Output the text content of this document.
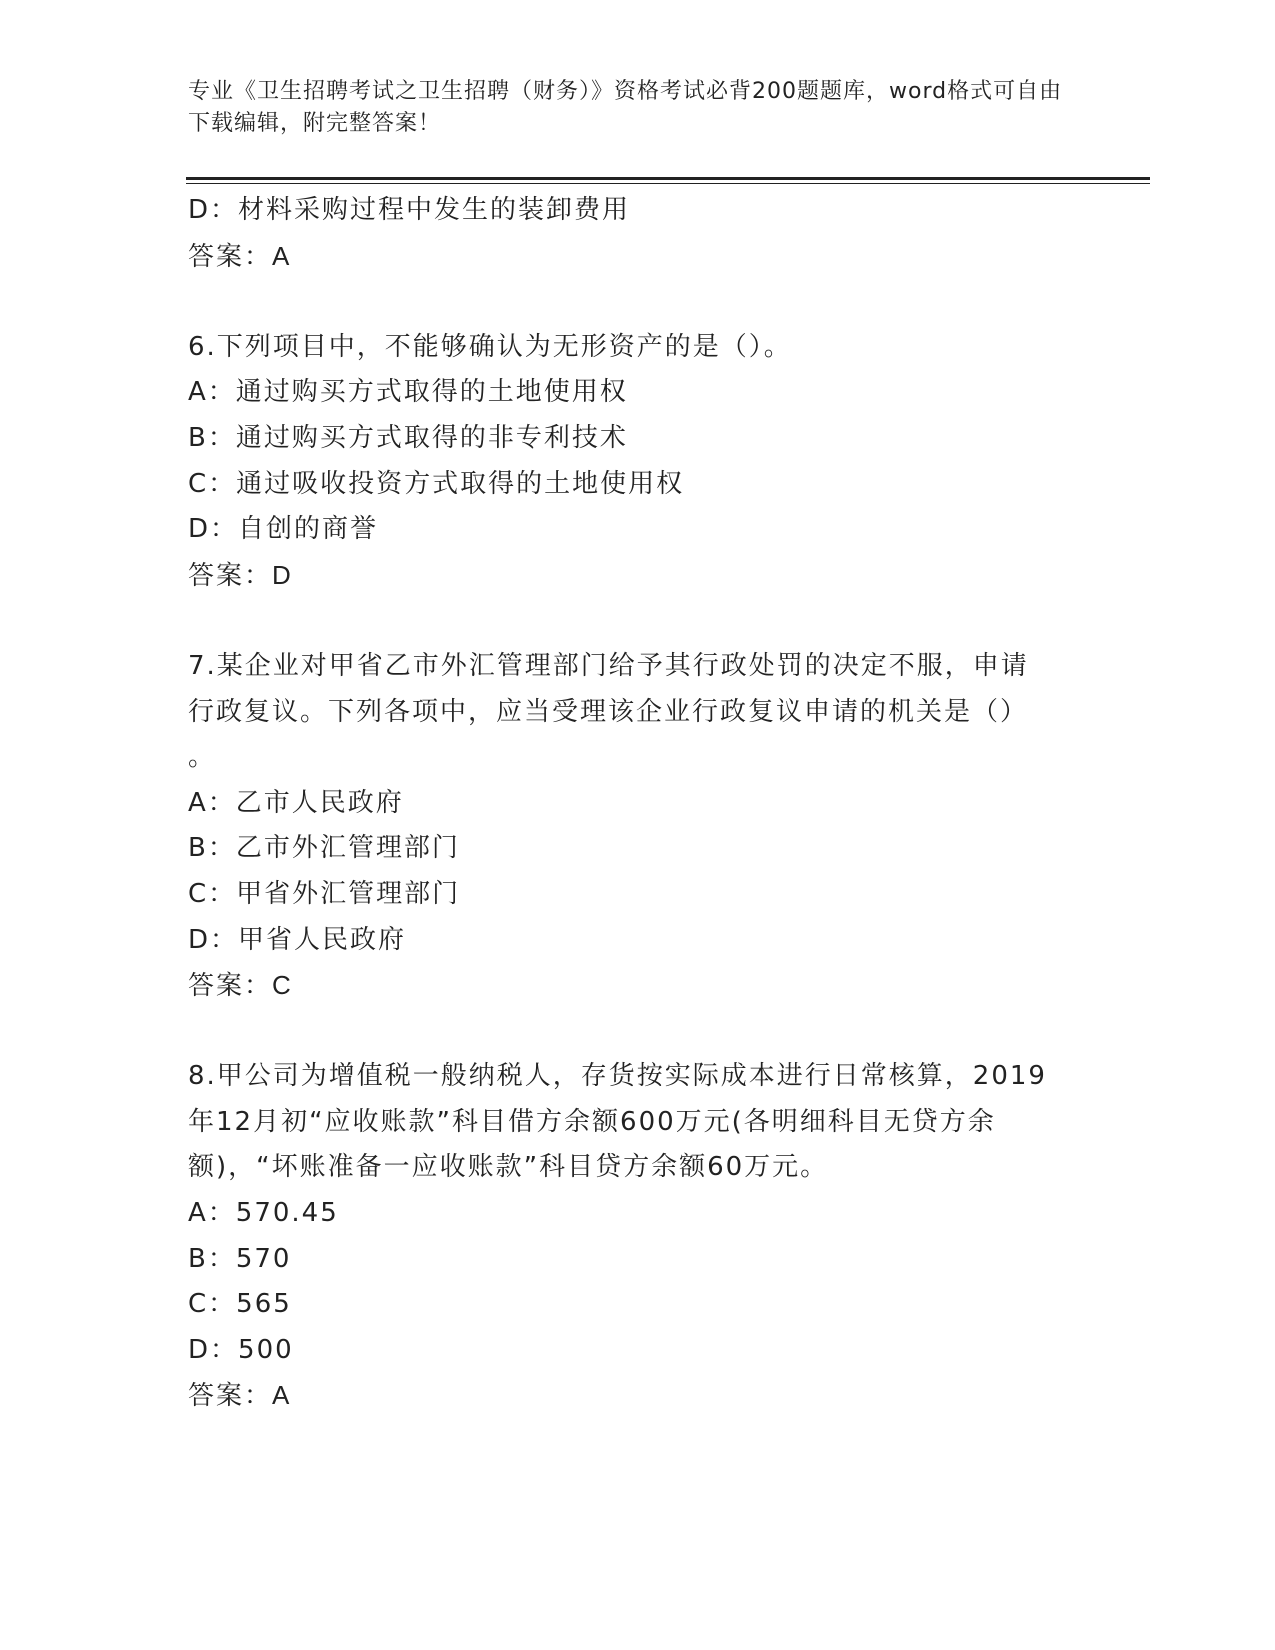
专业《卫生招聘考试之卫生招聘（财务）》资格考试必背200题题库，word格式可自由下载编辑，附完整答案！
D：材料采购过程中发生的装卸费用
答案：A
6.下列项目中，不能够确认为无形资产的是（）。
A：通过购买方式取得的土地使用权
B：通过购买方式取得的非专利技术
C：通过吸收投资方式取得的土地使用权
D：自创的商誉
答案：D
7.某企业对甲省乙市外汇管理部门给予其行政处罚的决定不服，申请
行政复议。下列各项中，应当受理该企业行政复议申请的机关是（）
。
A：乙市人民政府
B：乙市外汇管理部门
C：甲省外汇管理部门
D：甲省人民政府
答案：C
8.甲公司为增值税一般纳税人，存货按实际成本进行日常核算，2019
年12月初“应收账款”科目借方余额600万元(各明细科目无贷方余
额)，“坏账准备一应收账款”科目贷方余额60万元。
A：570.45
B：570
C：565
D：500
答案：A
